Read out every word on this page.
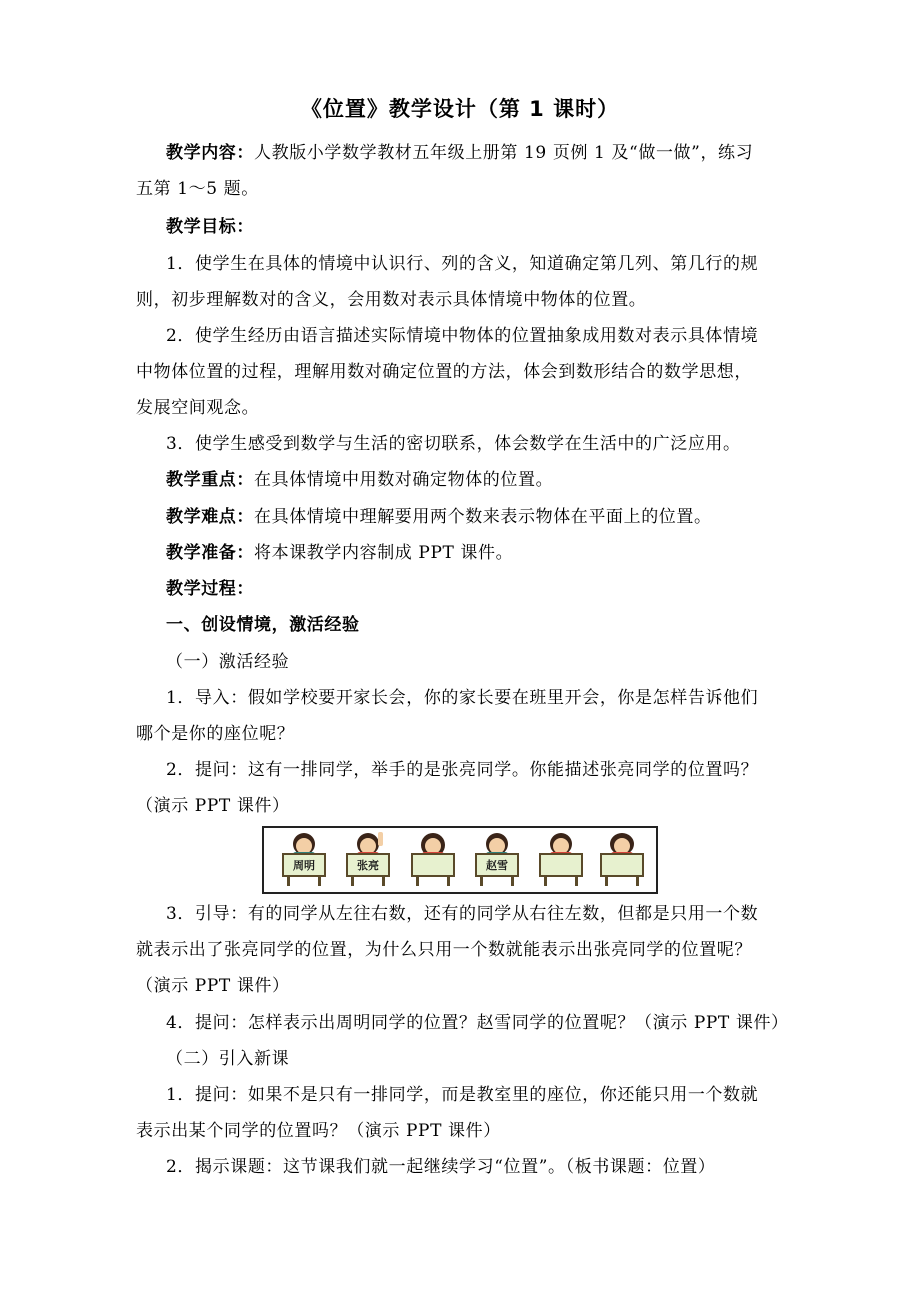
《位置》教学设计（第 1 课时）
教学内容：人教版小学数学教材五年级上册第 19 页例 1 及“做一做”，练习
五第 1～5 题。
教学目标：
1．使学生在具体的情境中认识行、列的含义，知道确定第几列、第几行的规
则，初步理解数对的含义，会用数对表示具体情境中物体的位置。
2．使学生经历由语言描述实际情境中物体的位置抽象成用数对表示具体情境
中物体位置的过程，理解用数对确定位置的方法，体会到数形结合的数学思想，
发展空间观念。
3．使学生感受到数学与生活的密切联系，体会数学在生活中的广泛应用。
教学重点：在具体情境中用数对确定物体的位置。
教学难点：在具体情境中理解要用两个数来表示物体在平面上的位置。
教学准备：将本课教学内容制成 PPT 课件。
教学过程：
一、创设情境，激活经验
（一）激活经验
1．导入：假如学校要开家长会，你的家长要在班里开会，你是怎样告诉他们
哪个是你的座位呢？
2．提问：这有一排同学，举手的是张亮同学。你能描述张亮同学的位置吗？
（演示 PPT 课件）
周明	张亮	赵雪
3．引导：有的同学从左往右数，还有的同学从右往左数，但都是只用一个数
就表示出了张亮同学的位置，为什么只用一个数就能表示出张亮同学的位置呢？
（演示 PPT 课件）
4．提问：怎样表示出周明同学的位置？赵雪同学的位置呢？（演示 PPT 课件）
（二）引入新课
1．提问：如果不是只有一排同学，而是教室里的座位，你还能只用一个数就
表示出某个同学的位置吗？（演示 PPT 课件）
2．揭示课题：这节课我们就一起继续学习“位置”。（板书课题：位置）
